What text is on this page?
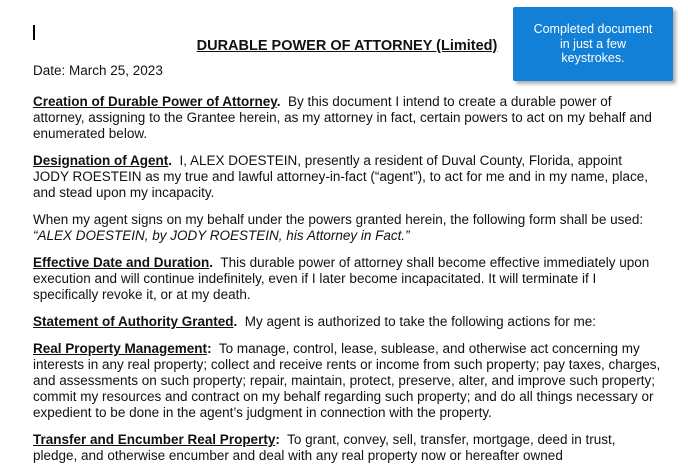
Completed document in just a few keystrokes.
DURABLE POWER OF ATTORNEY (Limited)
Date: March 25, 2023

Creation of Durable Power of Attorney.  By this document I intend to create a durable power of attorney, assigning to the Grantee herein, as my attorney in fact, certain powers to act on my behalf and enumerated below.

Designation of Agent.  I, ALEX DOESTEIN, presently a resident of Duval County, Florida, appoint JODY ROESTEIN as my true and lawful attorney-in-fact (“agent”), to act for me and in my name, place, and stead upon my incapacity.

When my agent signs on my behalf under the powers granted herein, the following form shall be used:  “ALEX DOESTEIN, by JODY ROESTEIN, his Attorney in Fact.”

Effective Date and Duration.  This durable power of attorney shall become effective immediately upon execution and will continue indefinitely, even if I later become incapacitated. It will terminate if I specifically revoke it, or at my death.

Statement of Authority Granted.  My agent is authorized to take the following actions for me:

Real Property Management:  To manage, control, lease, sublease, and otherwise act concerning my interests in any real property; collect and receive rents or income from such property; pay taxes, charges, and assessments on such property; repair, maintain, protect, preserve, alter, and improve such property; commit my resources and contract on my behalf regarding such property; and do all things necessary or expedient to be done in the agent’s judgment in connection with the property.

Transfer and Encumber Real Property:  To grant, convey, sell, transfer, mortgage, deed in trust, pledge, and otherwise encumber and deal with any real property now or hereafter owned
